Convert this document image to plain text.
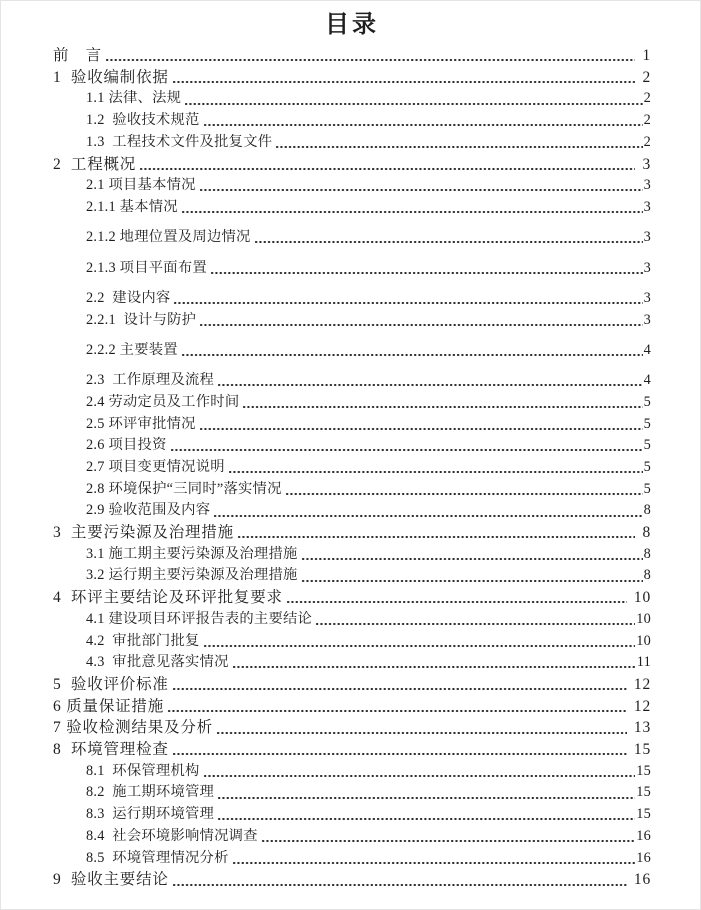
目录
前　言	1
1  验收编制依据	2
1.1 法律、法规	2
1.2  验收技术规范	2
1.3  工程技术文件及批复文件	2
2  工程概况	3
2.1 项目基本情况	3
2.1.1 基本情况	3
2.1.2 地理位置及周边情况	3
2.1.3 项目平面布置	3
2.2  建设内容	3
2.2.1  设计与防护	3
2.2.2 主要装置	4
2.3  工作原理及流程	4
2.4 劳动定员及工作时间	5
2.5 环评审批情况	5
2.6 项目投资	5
2.7 项目变更情况说明	5
2.8 环境保护“三同时”落实情况	5
2.9 验收范围及内容	8
3  主要污染源及治理措施	8
3.1 施工期主要污染源及治理措施	8
3.2 运行期主要污染源及治理措施	8
4  环评主要结论及环评批复要求	10
4.1 建设项目环评报告表的主要结论	10
4.2  审批部门批复	10
4.3  审批意见落实情况	11
5  验收评价标准	12
6 质量保证措施	12
7 验收检测结果及分析	13
8  环境管理检查	15
8.1  环保管理机构	15
8.2  施工期环境管理	15
8.3  运行期环境管理	15
8.4  社会环境影响情况调查	16
8.5  环境管理情况分析	16
9  验收主要结论	16
